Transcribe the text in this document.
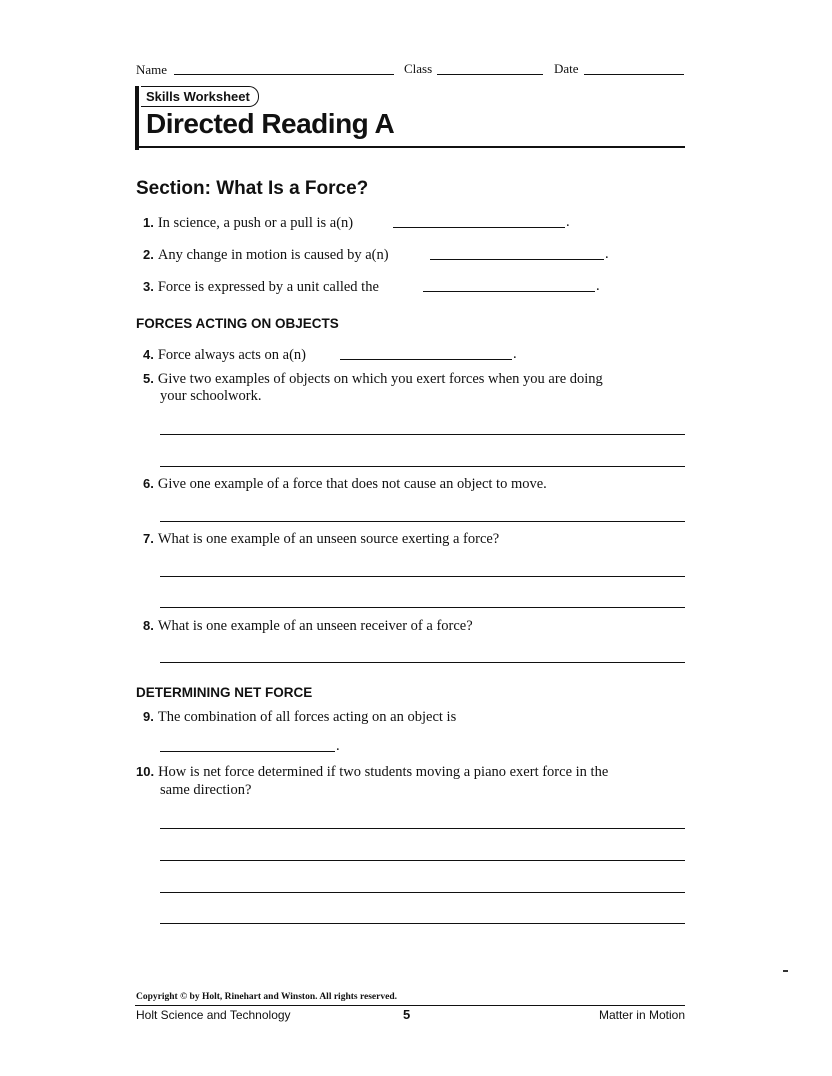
Name	Class	Date
Skills Worksheet
Directed Reading A
Section: What Is a Force?
1. In science, a push or a pull is a(n)	.
2. Any change in motion is caused by a(n)	.
3. Force is expressed by a unit called the	.
FORCES ACTING ON OBJECTS
4. Force always acts on a(n)	.
5. Give two examples of objects on which you exert forces when you are doing
your schoolwork.
6. Give one example of a force that does not cause an object to move.
7. What is one example of an unseen source exerting a force?
8. What is one example of an unseen receiver of a force?
DETERMINING NET FORCE
9. The combination of all forces acting on an object is
.
10. How is net force determined if two students moving a piano exert force in the
same direction?
Copyright © by Holt, Rinehart and Winston. All rights reserved.
Holt Science and Technology	5	Matter in Motion
